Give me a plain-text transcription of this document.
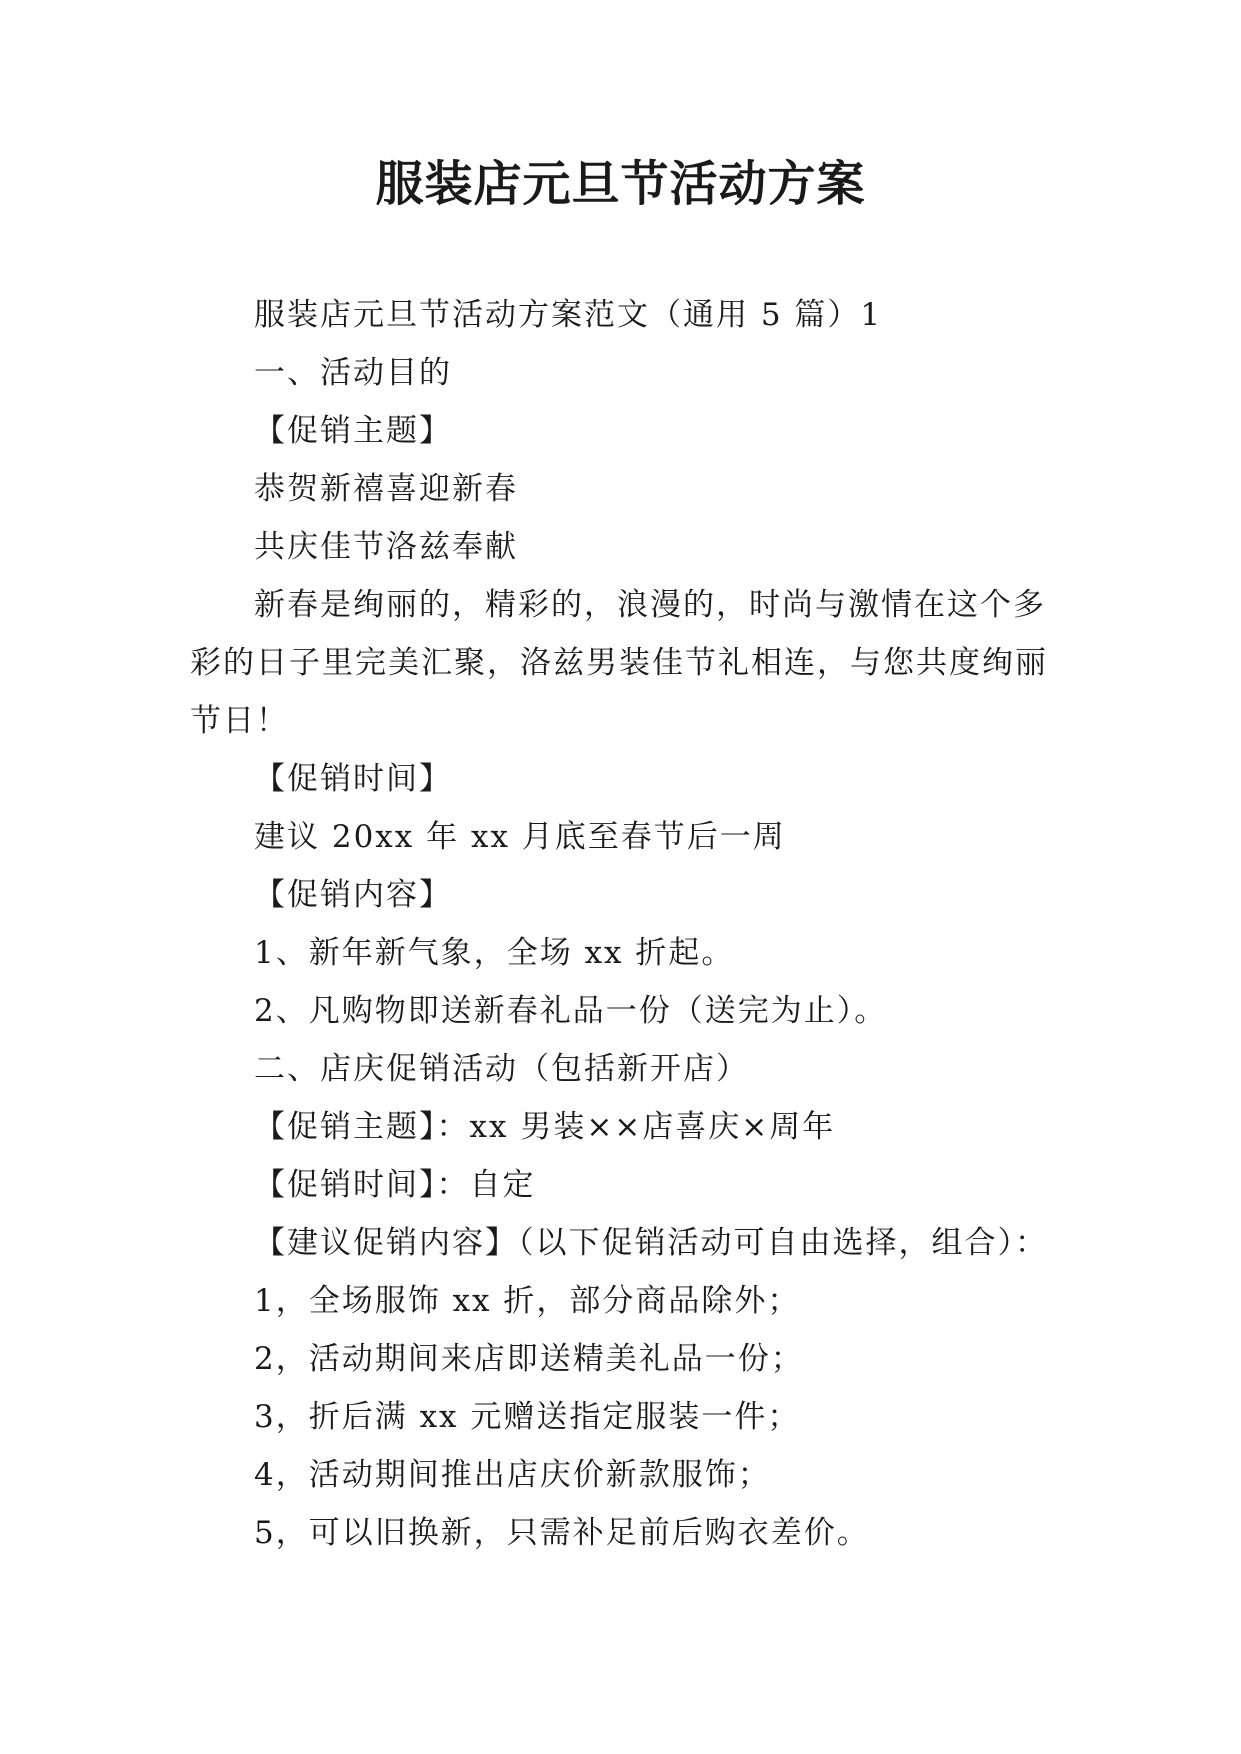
服装店元旦节活动方案

服装店元旦节活动方案范文（通用 5 篇）1

一、活动目的

【促销主题】

恭贺新禧喜迎新春

共庆佳节洛兹奉献

新春是绚丽的，精彩的，浪漫的，时尚与激情在这个多彩的日子里完美汇聚，洛兹男装佳节礼相连，与您共度绚丽节日！

【促销时间】

建议 20xx 年 xx 月底至春节后一周

【促销内容】

1、新年新气象，全场 xx 折起。

2、凡购物即送新春礼品一份（送完为止）。

二、店庆促销活动（包括新开店）

【促销主题】：xx 男装××店喜庆×周年

【促销时间】：自定

【建议促销内容】（以下促销活动可自由选择，组合）：

1，全场服饰 xx 折，部分商品除外；

2，活动期间来店即送精美礼品一份；

3，折后满 xx 元赠送指定服装一件；

4，活动期间推出店庆价新款服饰；

5，可以旧换新，只需补足前后购衣差价。
